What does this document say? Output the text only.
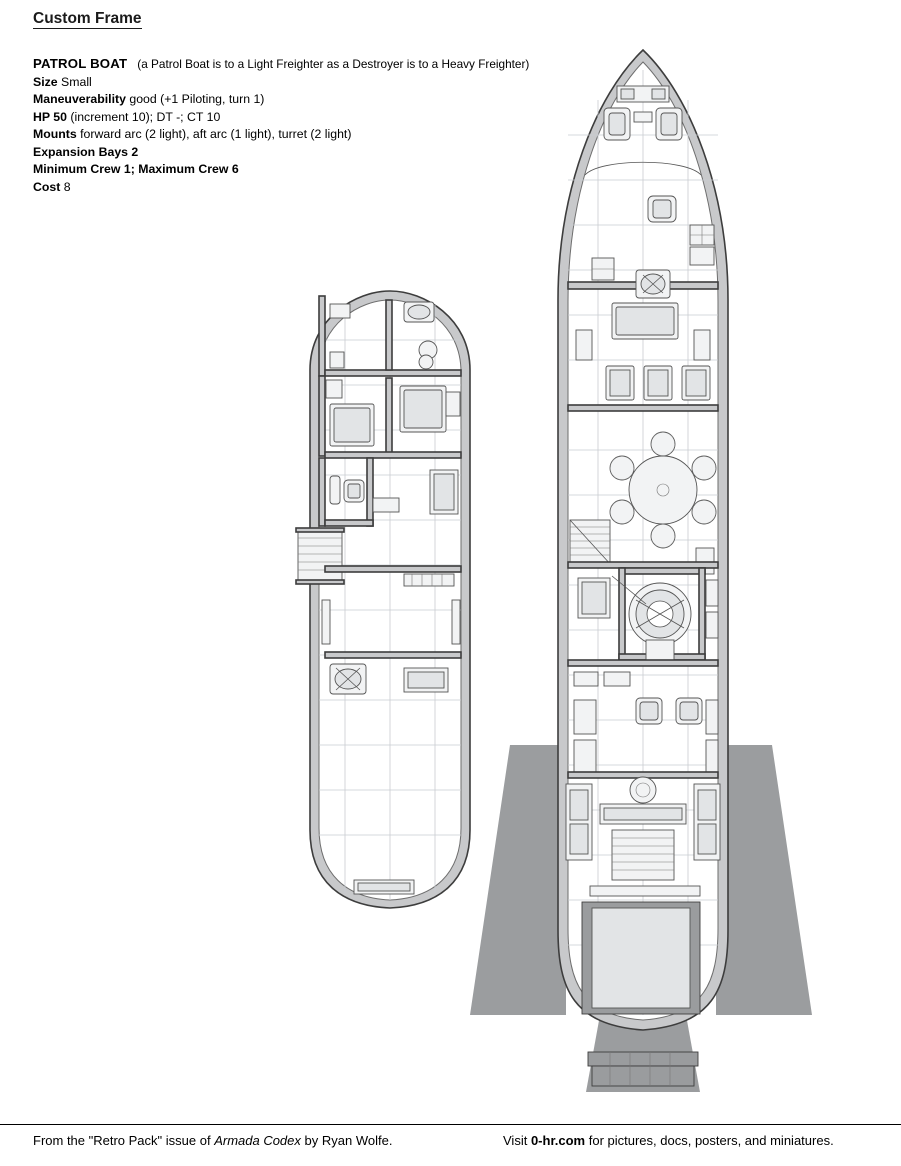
Custom Frame
PATROL BOAT (a Patrol Boat is to a Light Freighter as a Destroyer is to a Heavy Freighter)
Size Small
Maneuverability good (+1 Piloting, turn 1)
HP 50 (increment 10); DT -; CT 10
Mounts forward arc (2 light), aft arc (1 light), turret (2 light)
Expansion Bays 2
Minimum Crew 1; Maximum Crew 6
Cost 8
From the "Retro Pack" issue of Armada Codex by Ryan Wolfe.	Visit 0-hr.com for pictures, docs, posters, and miniatures.
